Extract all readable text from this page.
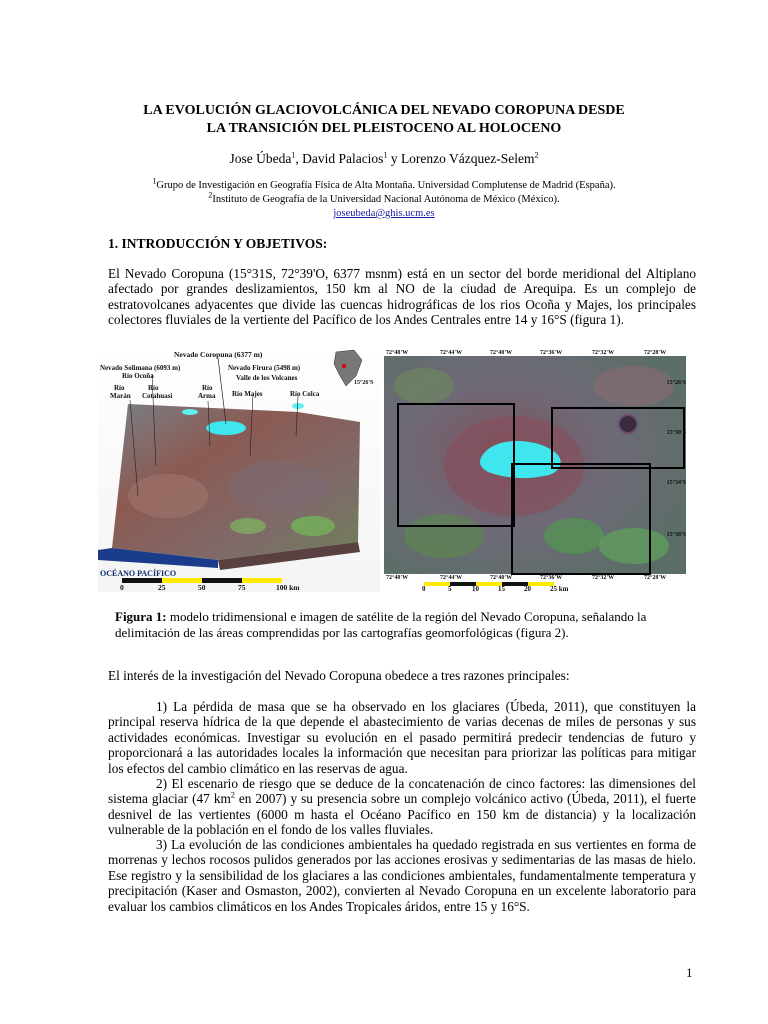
LA EVOLUCIÓN GLACIOVOLCÁNICA DEL NEVADO COROPUNA DESDE
LA TRANSICIÓN DEL PLEISTOCENO AL HOLOCENO
Jose Úbeda$^1$, David Palacios$^1$ y Lorenzo Vázquez-Selem$^2$
$^1$Grupo de Investigación en Geografía Física de Alta Montaña. Universidad Complutense de Madrid (España).
$^2$Instituto de Geografía de la Universidad Nacional Autónoma de México (México).
joseubeda@ghis.ucm.es
1. INTRODUCCIÓN Y OBJETIVOS:
El Nevado Coropuna (15°31S, 72°39'O, 6377 msnm) está en un sector del borde meridional del Altiplano afectado por grandes deslizamientos, 150 km al NO de la ciudad de Arequipa. Es un complejo de estratovolcanes adyacentes que divide las cuencas hidrográficas de los rios Ocoña y Majes, los principales colectores fluviales de la vertiente del Pacífico de los Andes Centrales entre 14 y 16°S (figura 1).
Nevado Coropuna (6377 m)
Nevado Solimana (6093 m)
Río Ocoña
Nevado Firura (5498 m)
Valle de los Volcanes
Río
Marán
Río
Cotahuasi
Río
Arma Río Majes	Río Colca
OCÉANO PACÍFICO
0	25	50	75	100 km
72°48'W	72°44'W	72°40'W	72°36'W	72°32'W	72°28'W
15°26'S	15°26'S
15°30'S
15°34'S
15°38'S
72°48'W	72°44'W	72°40'W	72°36'W	72°32'W	72°28'W
0	5	10	15	20	25 km
Figura 1: modelo tridimensional e imagen de satélite de la región del Nevado Coropuna, señalando la delimitación de las áreas comprendidas por las cartografías geomorfológicas (figura 2).
El interés de la investigación del Nevado Coropuna obedece a tres razones principales:
1) La pérdida de masa que se ha observado en los glaciares (Úbeda, 2011), que constituyen la principal reserva hídrica de la que depende el abastecimiento de varias decenas de miles de personas y sus actividades económicas. Investigar su evolución en el pasado permitirá predecir tendencias de futuro y proporcionará a las autoridades locales la información que necesitan para priorizar las políticas para mitigar los efectos del cambio climático en las reservas de agua.
2) El escenario de riesgo que se deduce de la concatenación de cinco factores: las dimensiones del sistema glaciar (47 $km^2$ en 2007) y su presencia sobre un complejo volcánico activo (Úbeda, 2011), el fuerte desnivel de las vertientes (6000 m hasta el Océano Pacífico en 150 km de distancia) y la localización vulnerable de la población en el fondo de los valles fluviales.
3) La evolución de las condiciones ambientales ha quedado registrada en sus vertientes en forma de morrenas y lechos rocosos pulidos generados por las acciones erosivas y sedimentarias de las masas de hielo. Ese registro y la sensibilidad de los glaciares a las condiciones ambientales, fundamentalmente temperatura y precipitación (Kaser and Osmaston, 2002), convierten al Nevado Coropuna en un excelente laboratorio para evaluar los cambios climáticos en los Andes Tropicales áridos, entre 15 y 16°S.
1
